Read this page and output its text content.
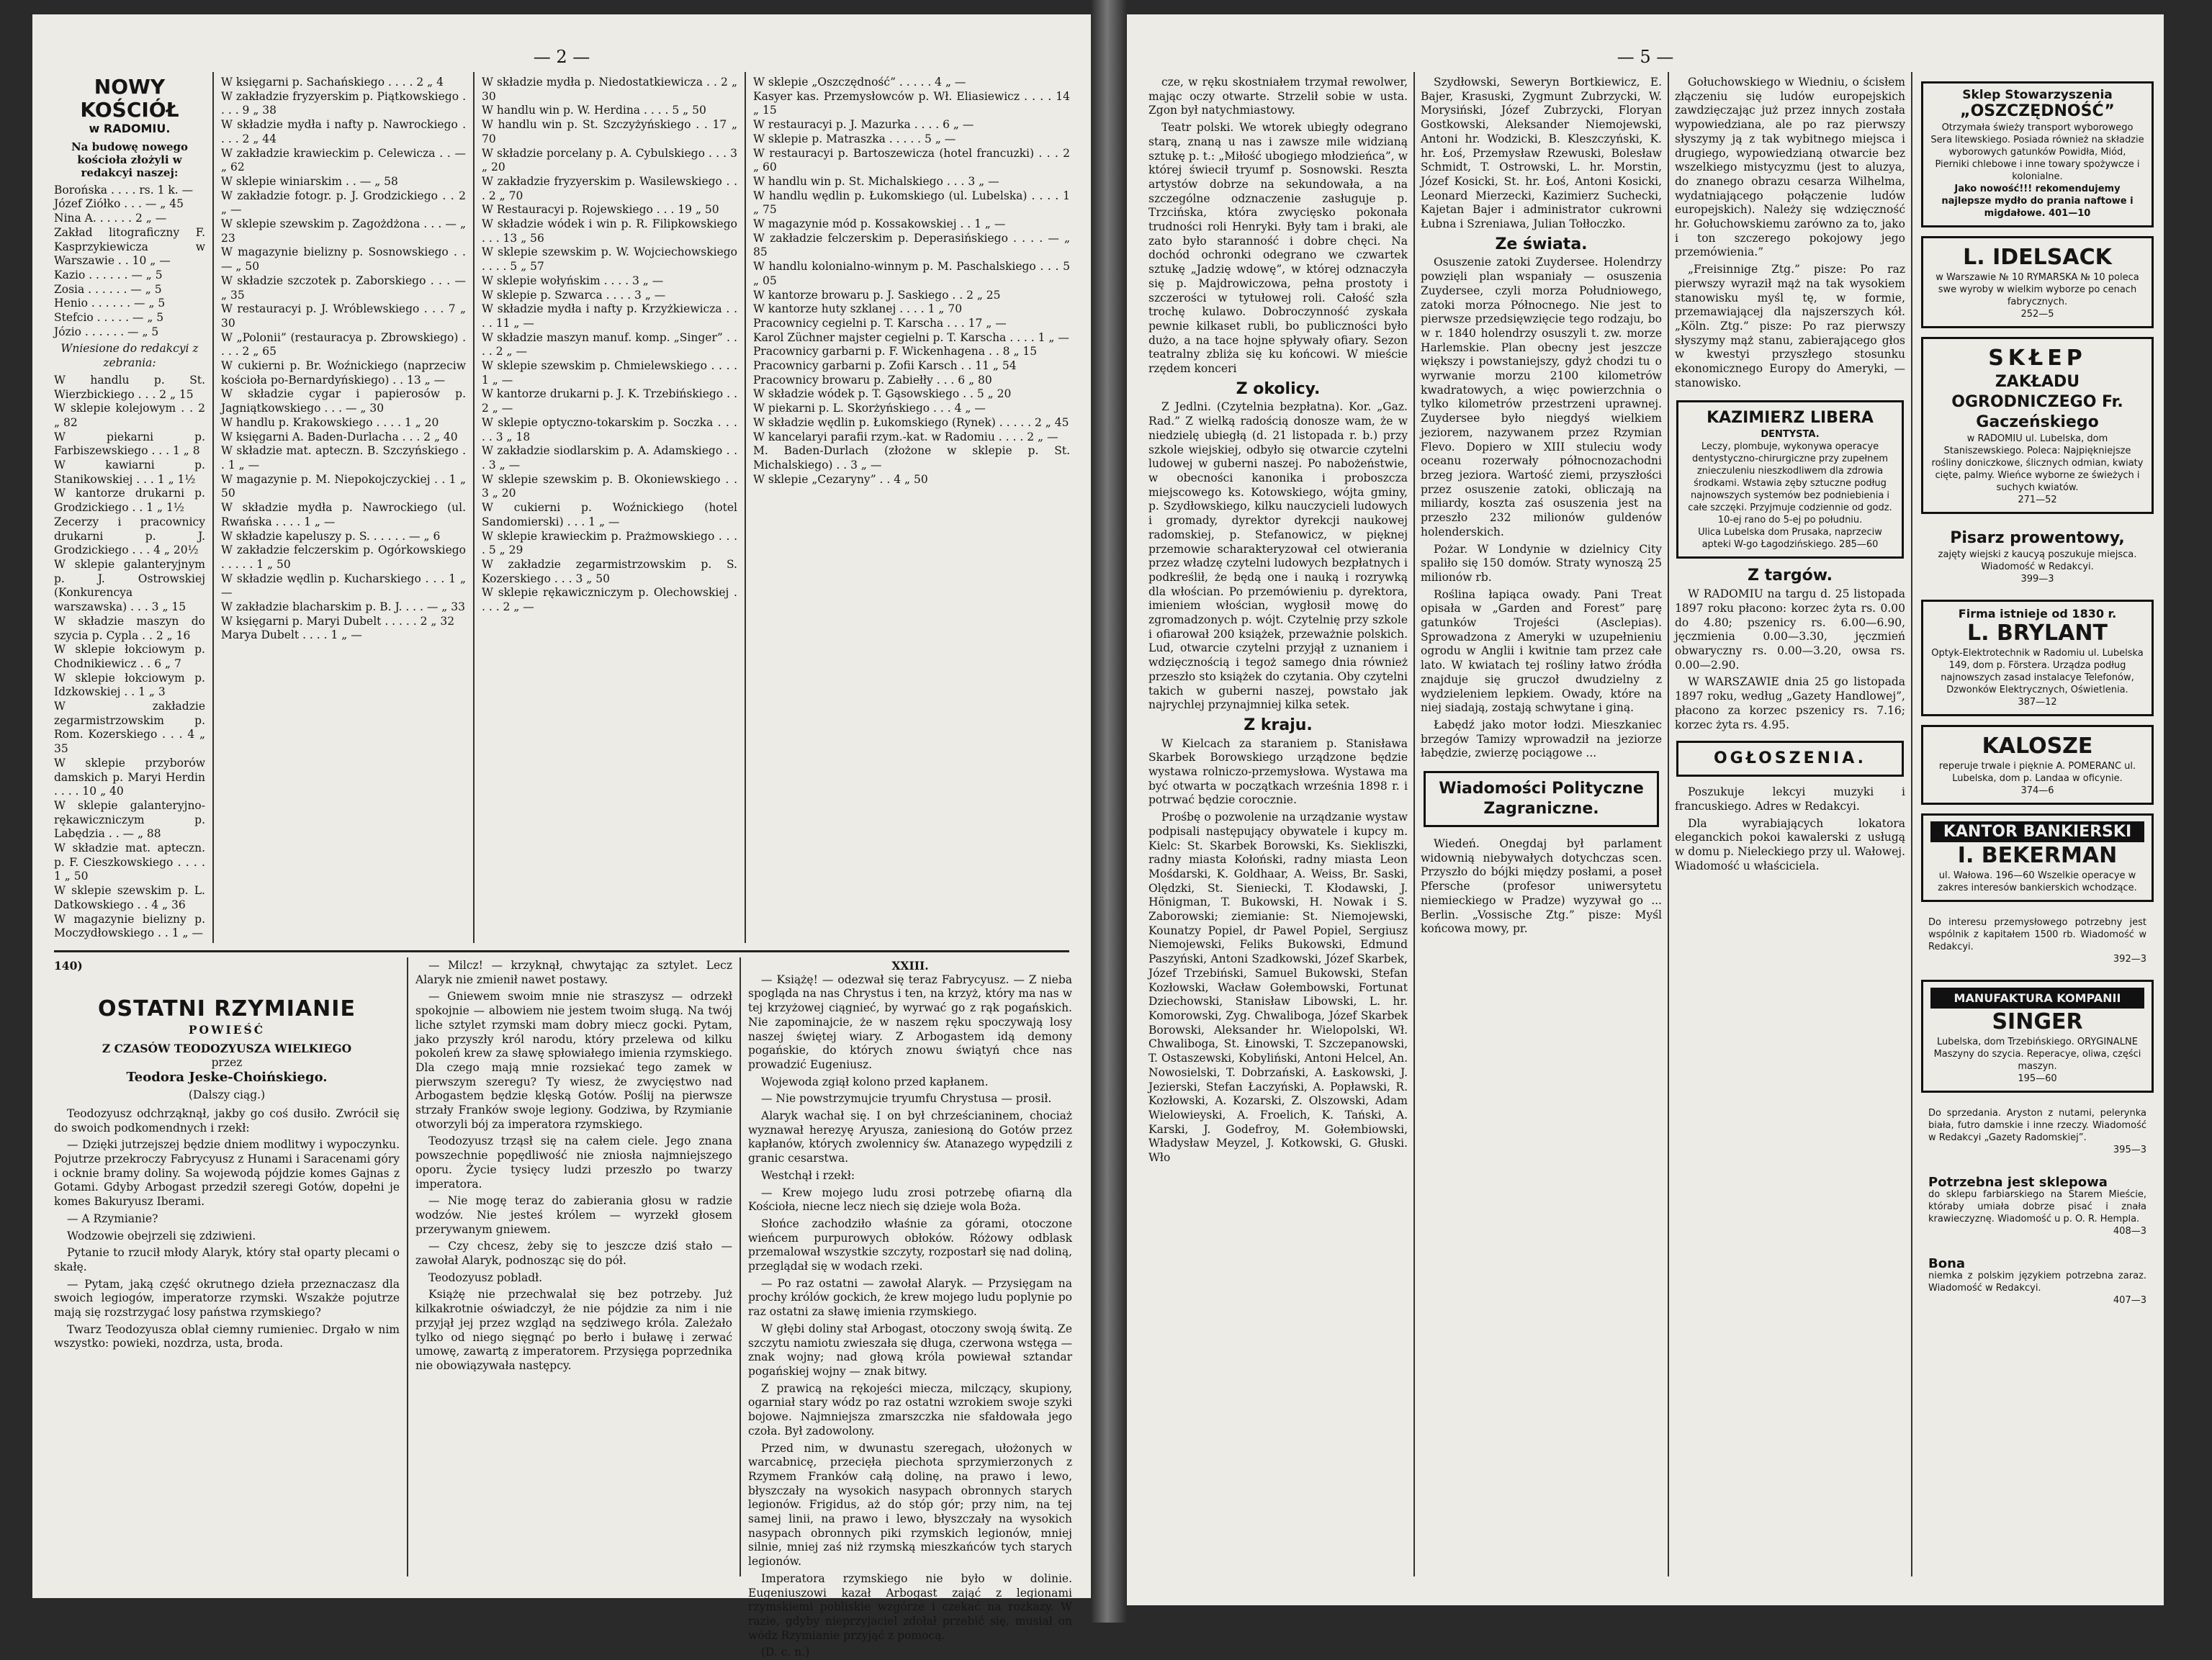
— 2 —
NOWY KOŚCIÓŁ
w RADOMIU.
Na budowę nowego kościoła złożyli w redakcyi naszej:
Borońska . . . . rs. 1 k. —
Józef Ziółko . . . — „ 45
Nina A. . . . . . 2 „ —
Zakład litograficzny F. Kasprzykiewicza w Warszawie . . 10 „ —
Kazio . . . . . . — „ 5
Zosia . . . . . . — „ 5
Henio . . . . . . — „ 5
Stefcio . . . . . — „ 5
Józio . . . . . . — „ 5
Wniesione do redakcyi z zebrania:
W handlu p. St. Wierzbickiego . . . 2 „ 15
W sklepie kolejowym . . 2 „ 82
W piekarni p. Farbiszewskiego . . . 1 „ 8
W kawiarni p. Stanikowskiej . . . 1 „ 1½
W kantorze drukarni p. Grodzickiego . . 1 „ 1½
Zecerzy i pracownicy drukarni p. J. Grodzickiego . . . 4 „ 20½
W sklepie galanteryjnym p. J. Ostrowskiej (Konkurencya warszawska) . . . 3 „ 15
W składzie maszyn do szycia p. Cypla . . 2 „ 16
W sklepie łokciowym p. Chodnikiewicz . . 6 „ 7
W sklepie łokciowym p. Idzkowskiej . . 1 „ 3
W zakładzie zegarmistrzowskim p. Rom. Kozerskiego . . . 4 „ 35
W sklepie przyborów damskich p. Maryi Herdin . . . . 10 „ 40
W sklepie galanteryjno-rękawiczniczym p. Labędzia . . — „ 88
W składzie mat. apteczn. p. F. Cieszkowskiego . . . . 1 „ 50
W sklepie szewskim p. L. Datkowskiego . . 4 „ 36
W magazynie bielizny p. Moczydłowskiego . . 1 „ —
W księgarni p. Sachańskiego . . . . 2 „ 4
W zakładzie fryzyerskim p. Piątkowskiego . . . . 9 „ 38
W składzie mydła i nafty p. Nawrockiego . . . . 2 „ 44
W zakładzie krawieckim p. Celewicza . . — „ 62
W sklepie winiarskim . . — „ 58
W zakładzie fotogr. p. J. Grodzickiego . . 2 „ —
W sklepie szewskim p. Zagożdżona . . . — „ 23
W magazynie bielizny p. Sosnowskiego . . — „ 50
W składzie szczotek p. Zaborskiego . . . — „ 35
W restauracyi p. J. Wróblewskiego . . . 7 „ 30
W „Polonii” (restauracya p. Zbrowskiego) . . . . 2 „ 65
W cukierni p. Br. Woźnickiego (naprzeciw kościoła po-Bernardyńskiego) . . 13 „ —
W składzie cygar i papierosów p. Jagniątkowskiego . . . — „ 30
W handlu p. Krakowskiego . . . . 1 „ 20
W księgarni A. Baden-Durlacha . . . 2 „ 40
W składzie mat. apteczn. B. Szczyńskiego . . 1 „ —
W magazynie p. M. Niepokojczyckiej . . 1 „ 50
W składzie mydła p. Nawrockiego (ul. Rwańska . . . . 1 „ —
W składzie kapeluszy p. S. . . . . . — „ 6
W zakładzie felczerskim p. Ogórkowskiego . . . . . 1 „ 50
W składzie wędlin p. Kucharskiego . . . 1 „ —
W zakładzie blacharskim p. B. J. . . . — „ 33
W księgarni p. Maryi Dubelt . . . . . 2 „ 32
Marya Dubelt . . . . 1 „ —
W składzie mydła p. Niedostatkiewicza . . 2 „ 30
W handlu win p. W. Herdina . . . . 5 „ 50
W handlu win p. St. Szczyżyńskiego . . 17 „ 70
W składzie porcelany p. A. Cybulskiego . . . 3 „ 20
W zakładzie fryzyerskim p. Wasilewskiego . . . 2 „ 70
W Restauracyi p. Rojewskiego . . . 19 „ 50
W składzie wódek i win p. R. Filipkowskiego . . . 13 „ 56
W sklepie szewskim p. W. Wojciechowskiego . . . . 5 „ 57
W sklepie wołyńskim . . . . 3 „ —
W sklepie p. Szwarca . . . . 3 „ —
W składzie mydła i nafty p. Krzyżkiewicza . . . . 11 „ —
W składzie maszyn manuf. komp. „Singer” . . . . 2 „ —
W sklepie szewskim p. Chmielewskiego . . . . 1 „ —
W kantorze drukarni p. J. K. Trzebińskiego . . 2 „ —
W sklepie optyczno-tokarskim p. Soczka . . . . . 3 „ 18
W zakładzie siodlarskim p. A. Adamskiego . . . 3 „ —
W sklepie szewskim p. B. Okoniewskiego . . 3 „ 20
W cukierni p. Woźnickiego (hotel Sandomierski) . . . 1 „ —
W sklepie krawieckim p. Prażmowskiego . . . . 5 „ 29
W zakładzie zegarmistrzowskim p. S. Kozerskiego . . . 3 „ 50
W sklepie rękawiczniczym p. Olechowskiej . . . . 2 „ —
W sklepie „Oszczędność” . . . . . 4 „ —
Kasyer kas. Przemysłowców p. Wł. Eliasiewicz . . . . 14 „ 15
W restauracyi p. J. Mazurka . . . . 6 „ —
W sklepie p. Matraszka . . . . . 5 „ —
W restauracyi p. Bartoszewicza (hotel francuzki) . . . 2 „ 60
W handlu win p. St. Michalskiego . . . 3 „ —
W handlu wędlin p. Łukomskiego (ul. Lubelska) . . . . 1 „ 75
W magazynie mód p. Kossakowskiej . . 1 „ —
W zakładzie felczerskim p. Deperasińskiego . . . . — „ 85
W handlu kolonialno-winnym p. M. Paschalskiego . . . 5 „ 05
W kantorze browaru p. J. Saskiego . . 2 „ 25
W kantorze huty szklanej . . . . 1 „ 70
Pracownicy cegielni p. T. Karscha . . . 17 „ —
Karol Züchner majster cegielni p. T. Karscha . . . . 1 „ —
Pracownicy garbarni p. F. Wickenhagena . . 8 „ 15
Pracownicy garbarni p. Zofii Karsch . . 11 „ 54
Pracownicy browaru p. Zabiełły . . . 6 „ 80
W składzie wódek p. T. Gąsowskiego . . 5 „ 20
W piekarni p. L. Skorżyńskiego . . . 4 „ —
W składzie wędlin p. Łukomskiego (Rynek) . . . . . 2 „ 45
W kancelaryi parafii rzym.-kat. w Radomiu . . . . 2 „ —
M. Baden-Durlach (złożone w sklepie p. St. Michalskiego) . . 3 „ —
W sklepie „Cezaryny” . . 4 „ 50
140)
OSTATNI RZYMIANIE
POWIEŚĆ
Z CZASÓW TEODOZYUSZA WIELKIEGO
przez
Teodora Jeske-Choińskiego.
(Dalszy ciąg.)

Teodozyusz odchrząknął, jakby go coś dusiło. Zwrócił się do swoich podkomendnych i rzekł:

— Dzięki jutrzejszej będzie dniem modlitwy i wypoczynku. Pojutrze przekroczy Fabrycyusz z Hunami i Saracenami góry i ocknie bramy doliny. Sa wojewodą pójdzie komes Gajnas z Gotami. Gdyby Arbogast przedził szeregi Gotów, dopełni je komes Bakuryusz Iberami.

— A Rzymianie?

Wodzowie obejrzeli się zdziwieni.

Pytanie to rzucił młody Alaryk, który stał oparty plecami o skałę.

— Pytam, jaką część okrutnego dzieła przeznaczasz dla swoich legiogów, imperatorze rzymski. Wszakże pojutrze mają się rozstrzygać losy państwa rzymskiego?

Twarz Teodozyusza oblał ciemny rumieniec. Drgało w nim wszystko: powieki, nozdrza, usta, broda.

— Milcz! — krzyknął, chwytając za sztylet. Lecz Alaryk nie zmienił nawet postawy.

— Gniewem swoim mnie nie straszysz — odrzekł spokojnie — albowiem nie jestem twoim sługą. Na twój liche sztylet rzymski mam dobry miecz gocki. Pytam, jako przyszły król narodu, który przelewa od kilku pokoleń krew za sławę spłowiałego imienia rzymskiego. Dla czego mają mnie rozsiekać tego zamek w pierwszym szeregu? Ty wiesz, że zwycięstwo nad Arbogastem będzie klęską Gotów. Poślij na pierwsze strzały Franków swoje legiony. Godziwa, by Rzymianie otworzyli bój za imperatora rzymskiego.

Teodozyusz trząsł się na całem ciele. Jego znana powszechnie popędliwość nie zniosła najmniejszego oporu. Życie tysięcy ludzi przeszło po twarzy imperatora.

— Nie mogę teraz do zabierania głosu w radzie wodzów. Nie jesteś królem — wyrzekł głosem przerywanym gniewem.

— Czy chcesz, żeby się to jeszcze dziś stało — zawołał Alaryk, podnosząc się do pół.

Teodozyusz pobladł.

Książę nie przechwalał się bez potrzeby. Już kilkakrotnie oświadczył, że nie pójdzie za nim i nie przyjął jej przez wzgląd na sędziwego króla. Zależało tylko od niego sięgnąć po berło i buławę i zerwać umowę, zawartą z imperatorem. Przysięga poprzednika nie obowiązywała następcy.

XXIII.

— Książę! — odezwał się teraz Fabrycyusz. — Z nieba spogląda na nas Chrystus i ten, na krzyż, który ma nas w tej krzyżowej ciągnieć, by wyrwać go z rąk pogańskich. Nie zapominajcie, że w naszem ręku spoczywają losy naszej świętej wiary. Z Arbogastem idą demony pogańskie, do których znowu świątyń chce nas prowadzić Eugeniusz.

Wojewoda zgiął kolono przed kapłanem.

— Nie powstrzymujcie tryumfu Chrystusa — prosił.

Alaryk wachał się. I on był chrześcianinem, chociaż wyznawał herezyę Aryusza, zaniesioną do Gotów przez kapłanów, których zwolennicy św. Atanazego wypędzili z granic cesarstwa.

Westchął i rzekł:

— Krew mojego ludu zrosi potrzebę ofiarną dla Kościoła, niecne lecz niech się dzieje wola Boża.

Słońce zachodziło właśnie za górami, otoczone wieńcem purpurowych obłoków. Różowy odblask przemalował wszystkie szczyty, rozpostarł się nad doliną, przeglądał się w wodach rzeki.

— Po raz ostatni — zawołał Alaryk. — Przysięgam na prochy królów gockich, że krew mojego ludu poplynie po raz ostatni za sławę imienia rzymskiego.

W głębi doliny stał Arbogast, otoczony swoją świtą. Ze szczytu namiotu zwieszała się długa, czerwona wstęga — znak wojny; nad głową króla powiewał sztandar pogańskiej wojny — znak bitwy.

Z prawicą na rękojeści miecza, milczący, skupiony, ogarniał stary wódz po raz ostatni wzrokiem swoje szyki bojowe. Najmniejsza zmarszczka nie sfałdowała jego czoła. Był zadowolony.

Przed nim, w dwunastu szeregach, ułożonych w warcabnicę, przecięła piechota sprzymierzonych z Rzymem Franków całą dolinę, na prawo i lewo, błyszczały na wysokich nasypach obronnych starych legionów. Frigidus, aż do stóp gór; przy nim, na tej samej linii, na prawo i lewo, błyszczały na wysokich nasypach obronnych piki rzymskich legionów, mniej silnie, mniej zaś niż rzymską mieszkańców tych starych legionów.

Imperatora rzymskiego nie było w dolinie. Eugeniuszowi kazał Arbogast zająć z legionami rzymskiemi pobliskie wzgórze i czekać na rozkazy. W razie, gdyby nieprzyjaciel zdołał przebić się, musiał on wódz Rzymianie przyjąć z pomocą.

(D. c. n.)

— 5 —

cze, w ręku skostniałem trzymał rewolwer, mając oczy otwarte. Strzelił sobie w usta. Zgon był natychmiastowy.

Teatr polski. We wtorek ubiegły odegrano starą, znaną u nas i zawsze mile widzianą sztukę p. t.: „Miłość ubogiego młodzieńca”, w której świecił tryumf p. Sosnowski. Reszta artystów dobrze na sekundowała, a na szczególne odznaczenie zasługuje p. Trzcińska, która zwycięsko pokonała trudności roli Henryki. Były tam i braki, ale zato było staranność i dobre chęci. Na dochód ochronki odegrano we czwartek sztukę „Jadzię wdowę”, w której odznaczyła się p. Majdrowiczowa, pełna prostoty i szczerości w tytułowej roli. Całość szła trochę kulawo. Dobroczynność zyskała pewnie kilkaset rubli, bo publiczności było dużo, a na tace hojne spływały ofiary. Sezon teatralny zbliża się ku końcowi. W mieście rzędem konceri

Z okolicy.

Z Jedlni. (Czytelnia bezpłatna). Kor. „Gaz. Rad.” Z wielką radością donosze wam, że w niedzielę ubiegłą (d. 21 listopada r. b.) przy szkole wiejskiej, odbyło się otwarcie czytelni ludowej w guberni naszej. Po nabożeństwie, w obecności kanonika i proboszcza miejscowego ks. Kotowskiego, wójta gminy, p. Szydłowskiego, kilku nauczycieli ludowych i gromady, dyrektor dyrekcji naukowej radomskiej, p. Stefanowicz, w pięknej przemowie scharakteryzował cel otwierania przez władzę czytelni ludowych bezpłatnych i podkreślił, że będą one i nauką i rozrywką dla włościan. Po przemówieniu p. dyrektora, imieniem włościan, wygłosił mowę do zgromadzonych p. wójt. Czytelnię przy szkole i ofiarował 200 książek, przeważnie polskich. Lud, otwarcie czytelni przyjął z uznaniem i wdzięcznością i tegoż samego dnia również przeszło sto książek do czytania. Oby czytelni takich w guberni naszej, powstało jak najrychlej przynajmniej kilka setek.

Z kraju.

W Kielcach za staraniem p. Stanisława Skarbek Borowskiego urządzone będzie wystawa rolniczo-przemysłowa. Wystawa ma być otwarta w początkach września 1898 r. i potrwać będzie corocznie.

Prośbę o pozwolenie na urządzanie wystaw podpisali następujący obywatele i kupcy m. Kielc: St. Skarbek Borowski, Ks. Siekliszki, radny miasta Kołoński, radny miasta Leon Mośdarski, K. Goldhaar, A. Weiss, Br. Saski, Olędzki, St. Sieniecki, T. Kłodawski, J. Hönigman, T. Bukowski, H. Nowak i S. Zaborowski; ziemianie: St. Niemojewski, Kounatzy Popiel, dr Pawel Popiel, Sergiusz Niemojewski, Feliks Bukowski, Edmund Paszyński, Antoni Szadkowski, Józef Skarbek, Józef Trzebiński, Samuel Bukowski, Stefan Kozłowski, Wacław Gołembowski, Fortunat Dziechowski, Stanisław Libowski, L. hr. Komorowski, Zyg. Chwaliboga, Józef Skarbek Borowski, Aleksander hr. Wielopolski, Wł. Chwaliboga, St. Łinowski, T. Szczepanowski, T. Ostaszewski, Kobyliński, Antoni Helcel, An. Nowosielski, T. Dobrzański, A. Łaskowski, J. Jezierski, Stefan Łaczyński, A. Popławski, R. Kozłowski, A. Kozarski, Z. Olszowski, Adam Wielowieyski, A. Froelich, K. Tański, A. Karski, J. Godefroy, M. Gołembiowski, Władysław Meyzel, J. Kotkowski, G. Głuski. Wło

Szydłowski, Seweryn Bortkiewicz, E. Bajer, Krasuski, Zygmunt Zubrzycki, W. Morysiński, Józef Zubrzycki, Floryan Gostkowski, Aleksander Niemojewski, Antoni hr. Wodzicki, B. Kleszczyński, K. hr. Łoś, Przemysław Rzewuski, Bolesław Schmidt, T. Ostrowski, L. hr. Morstin, Józef Kosicki, St. hr. Łoś, Antoni Kosicki, Leonard Mierzecki, Kazimierz Suchecki, Kajetan Bajer i administrator cukrowni Łubna i Szreniawa, Julian Tołłoczko.

Ze świata.

Osuszenie zatoki Zuydersee. Holendrzy powzięli plan wspaniały — osuszenia Zuydersee, czyli morza Południowego, zatoki morza Północnego. Nie jest to pierwsze przedsięwzięcie tego rodzaju, bo w r. 1840 holendrzy osuszyli t. zw. morze Harlemskie. Plan obecny jest jeszcze większy i powstaniejszy, gdyż chodzi tu o wyrwanie morzu 2100 kilometrów kwadratowych, a więc powierzchnia o tylko kilometrów przestrzeni uprawnej. Zuydersee było niegdyś wielkiem jeziorem, nazywanem przez Rzymian Flevo. Dopiero w XIII stuleciu wody oceanu rozerwały północnozachodni brzeg jeziora. Wartość ziemi, przyszłości przez osuszenie zatoki, obliczają na miliardy, koszta zaś osuszenia jest na przeszło 232 milionów guldenów holenderskich.

Pożar. W Londynie w dzielnicy City spaliło się 150 domów. Straty wynoszą 25 milionów rb.

Roślina łapiąca owady. Pani Treat opisała w „Garden and Forest” parę gatunków Trojeści (Asclepias). Sprowadzona z Ameryki w uzupełnieniu ogrodu w Anglii i kwitnie tam przez całe lato. W kwiatach tej rośliny łatwo źródła znajduje się gruczoł dwudzielny z wydzieleniem lepkiem. Owady, które na niej siadają, zostają schwytane i giną.

Łabędź jako motor łodzi. Mieszkaniec brzegów Tamizy wprowadził na jeziorze łabędzie, zwierzę pociągowe ...

Wiadomości Polityczne Zagraniczne.

Wiedeń. Onegdaj był parlament widownią niebywałych dotychczas scen. Przyszło do bójki między posłami, a poseł Pfersche (profesor uniwersytetu niemieckiego w Pradze) wyzywał go ... Berlin. „Vossische Ztg.” pisze: Myśl końcowa mowy, pr.

Gołuchowskiego w Wiedniu, o ścisłem złączeniu się ludów europejskich zawdzięczając już przez innych została wypowiedziana, ale po raz pierwszy słyszymy ją z tak wybitnego miejsca i drugiego, wypowiedzianą otwarcie bez wszelkiego mistycyzmu (jest to aluzya, do znanego obrazu cesarza Wilhelma, wydatniającego połączenie ludów europejskich). Należy się wdzięczność hr. Gołuchowskiemu zarówno za to, jako i ton szczerego pokojowy jego przemówienia.”

„Freisinnige Ztg.” pisze: Po raz pierwszy wyraził mąż na tak wysokiem stanowisku myśl tę, w formie, przemawiającej dla najszerszych kół. „Köln. Ztg.” pisze: Po raz pierwszy słyszymy mąż stanu, zabierającego głos w kwestyi przyszłego stosunku ekonomicznego Europy do Ameryki, — stanowisko.

KAZIMIERZ LIBERA
DENTYSTA.
Leczy, plombuje, wykonywa operacye dentystyczno-chirurgiczne przy zupełnem znieczuleniu nieszkodliwem dla zdrowia środkami. Wstawia zęby sztuczne podług najnowszych systemów bez podniebienia i całe szczęki. Przyjmuje codziennie od godz. 10-ej rano do 5-ej po południu.
Ulica Lubelska dom Prusaka, naprzeciw apteki W-go Łagodzińskiego. 285—60
Z targów.

W RADOMIU na targu d. 25 listopada 1897 roku płacono: korzec żyta rs. 0.00 do 4.80; pszenicy rs. 6.00—6.90, jęczmienia 0.00—3.30, jęczmień obwaryczny rs. 0.00—3.20, owsa rs. 0.00—2.90.

W WARSZAWIE dnia 25 go listopada 1897 roku, według „Gazety Handlowej”, płacono za korzec pszenicy rs. 7.16; korzec żyta rs. 4.95.

OGŁOSZENIA.

Poszukuje lekcyi muzyki i francuskiego. Adres w Redakcyi.

Dla wyrabiających lokatora eleganckich pokoi kawalerski z usługą w domu p. Nieleckiego przy ul. Wałowej. Wiadomość u właściciela.

Sklep Stowarzyszenia
„OSZCZĘDNOŚĆ”
Otrzymała świeży transport wyborowego Sera litewskiego. Posiada również na składzie wyborowych gatunków Powidła, Miód, Pierniki chlebowe i inne towary spożywcze i kolonialne.
Jako nowość!!! rekomendujemy najlepsze mydło do prania naftowe i migdałowe. 401—10
L. IDELSACK
w Warszawie № 10 RYMARSKA № 10 poleca swe wyroby w wielkim wyborze po cenach fabrycznych.
252—5
SKŁEP
ZAKŁADU OGRODNICZEGO Fr. Gaczeńskiego
w RADOMIU ul. Lubelska, dom Staniszewskiego. Poleca: Najpiękniejsze rośliny doniczkowe, ślicznych odmian, kwiaty cięte, palmy. Wieńce wyborne ze świeżych i suchych kwiatów.
271—52
Pisarz prowentowy,
zajęty wiejski z kaucyą poszukuje miejsca. Wiadomość w Redakcyi.
399—3
Firma istnieje od 1830 r.
L. BRYLANT
Optyk-Elektrotechnik w Radomiu ul. Lubelska 149, dom p. Förstera. Urządza podług najnowszych zasad instalacye Telefonów, Dzwonków Elektrycznych, Oświetlenia.
387—12
KALOSZE
reperuje trwale i pięknie A. POMERANC ul. Lubelska, dom p. Landaa w oficynie.
374—6
KANTOR BANKIERSKI
I. BEKERMAN
ul. Wałowa. 196—60 Wszelkie operacye w zakres interesów bankierskich wchodzące.
Do interesu przemysłowego potrzebny jest wspólnik z kapitałem 1500 rb. Wiadomość w Redakcyi.
392—3
MANUFAKTURA KOMPANII
SINGER
Lubelska, dom Trzebińskiego. ORYGINALNE Maszyny do szycia. Reperacye, oliwa, części maszyn.
195—60
Do sprzedania. Aryston z nutami, pelerynka biała, futro damskie i inne rzeczy. Wiadomość w Redakcyi „Gazety Radomskiej”.
395—3
Potrzebna jest sklepowa
do sklepu farbiarskiego na Starem Mieście, któraby umiała dobrze pisać i znała krawieczyznę. Wiadomość u p. O. R. Hempla.
408—3
Bona
niemka z polskim językiem potrzebna zaraz. Wiadomość w Redakcyi.
407—3
